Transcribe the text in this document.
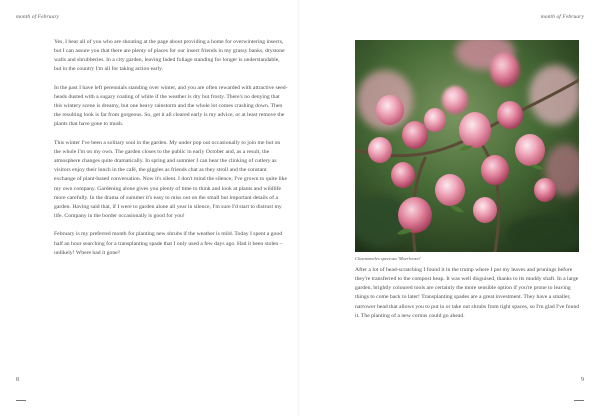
month of February

Yes, I hear all of you who are shouting at the page about providing a home for overwintering insects, but I can assure you that there are plenty of places for our insect friends in my grassy banks, drystone walls and shrubberies. In a city garden, leaving faded foliage standing for longer is understandable, but in the country I'm all for taking action early.

In the past I have left perennials standing over winter, and you are often rewarded with attractive seed-heads dusted with a sugary coating of white if the weather is dry but frosty. There's no denying that this wintery scene is dreamy, but one heavy rainstorm and the whole lot comes crashing down. Then the resulting look is far from gorgeous. So, get it all cleared early is my advice, or at least remove the plants that have gone to mush.

This winter I've been a solitary soul in the garden. My under pop out occasionally to join me but on the whole I'm on my own. The garden closes to the public in early October and, as a result, the atmosphere changes quite dramatically. In spring and summer I can hear the clinking of cutlery as visitors enjoy their lunch in the café, the giggles as friends chat as they stroll and the constant exchange of plant-based conversation. Now it's silent. I don't mind the silence; I've grown to quite like my own company. Gardening alone gives you plenty of time to think and look at plants and wildlife more carefully. In the drama of summer it's easy to miss out on the small but important details of a garden. Having said that, if I were to garden alone all year in silence, I'm sure I'd start to distrust my life. Company in the border occasionally is good for you!

February is my preferred month for planting new shrubs if the weather is mild. Today I spent a good half an hour searching for a transplanting spade that I only used a few days ago. Had it been stolen – unlikely! Where had it gone?

8
month of February
Chaenomeles speciosa 'Moerloosei'

After a lot of head-scratching I found it in the trump where I put my leaves and prunings before they're transferred to the compost heap. It was well disguised, thanks to its muddy shaft. In a large garden, brightly coloured tools are certainly the more sensible option if you're prone to leaving things to come back to later! Transplanting spades are a great investment. They have a smaller, narrower head that allows you to put in or take out shrubs from tight spaces, so I'm glad I've found it. The planting of a new cornus could go ahead.

9
